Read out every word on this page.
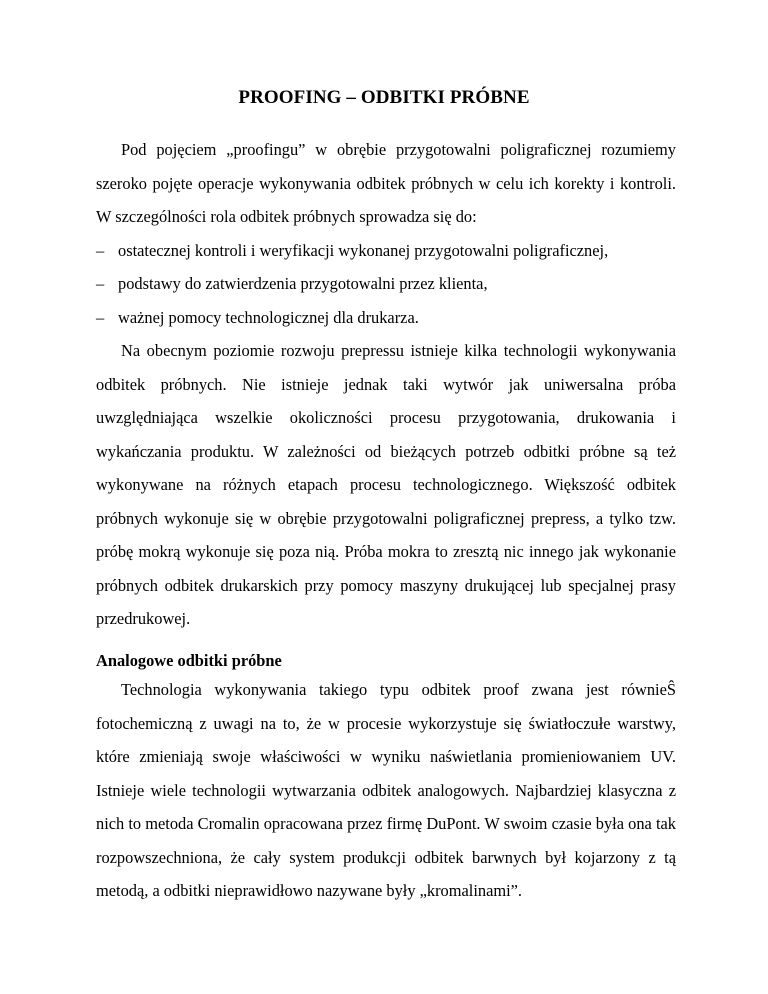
PROOFING – ODBITKI PRÓBNE

Pod pojęciem „proofingu” w obrębie przygotowalni poligraficznej rozumiemy szeroko pojęte operacje wykonywania odbitek próbnych w celu ich korekty i kontroli. W szczególności rola odbitek próbnych sprowadza się do:

– ostatecznej kontroli i weryfikacji wykonanej przygotowalni poligraficznej,
– podstawy do zatwierdzenia przygotowalni przez klienta,
– ważnej pomocy technologicznej dla drukarza.

Na obecnym poziomie rozwoju prepressu istnieje kilka technologii wykonywania odbitek próbnych. Nie istnieje jednak taki wytwór jak uniwersalna próba uwzględniająca wszelkie okoliczności procesu przygotowania, drukowania i wykańczania produktu. W zależności od bieżących potrzeb odbitki próbne są też wykonywane na różnych etapach procesu technologicznego. Większość odbitek próbnych wykonuje się w obrębie przygotowalni poligraficznej prepress, a tylko tzw. próbę mokrą wykonuje się poza nią. Próba mokra to zresztą nic innego jak wykonanie próbnych odbitek drukarskich przy pomocy maszyny drukującej lub specjalnej prasy przedrukowej.

Analogowe odbitki próbne

Technologia wykonywania takiego typu odbitek proof zwana jest równieŜ fotochemiczną z uwagi na to, że w procesie wykorzystuje się światłoczułe warstwy, które zmieniają swoje właściwości w wyniku naświetlania promieniowaniem UV. Istnieje wiele technologii wytwarzania odbitek analogowych. Najbardziej klasyczna z nich to metoda Cromalin opracowana przez firmę DuPont. W swoim czasie była ona tak rozpowszechniona, że cały system produkcji odbitek barwnych był kojarzony z tą metodą, a odbitki nieprawidłowo nazywane były „kromalinami”.
